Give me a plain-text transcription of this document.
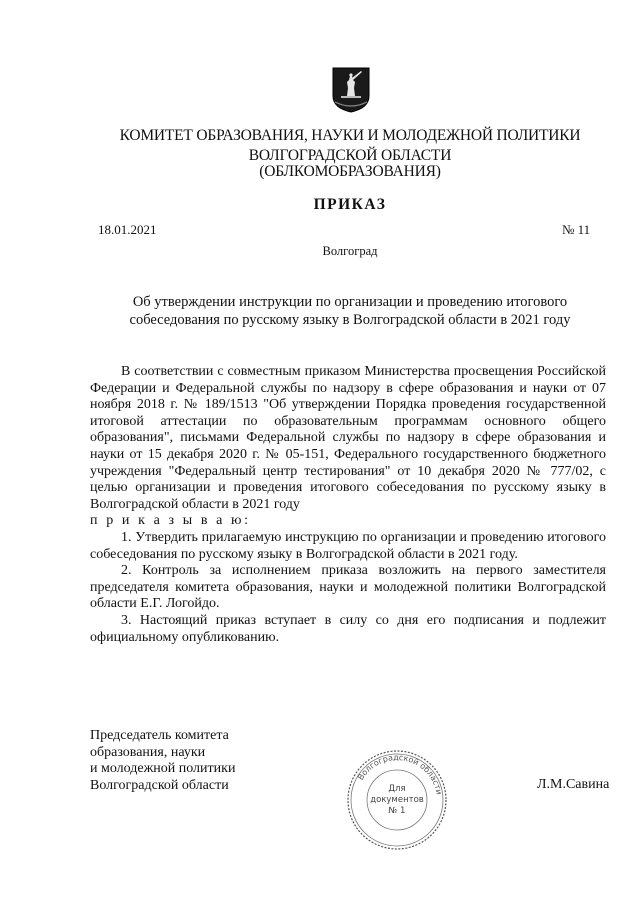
КОМИТЕТ ОБРАЗОВАНИЯ, НАУКИ И МОЛОДЕЖНОЙ ПОЛИТИКИ
ВОЛГОГРАДСКОЙ ОБЛАСТИ
(ОБЛКОМОБРАЗОВАНИЯ)
ПРИКАЗ
18.01.2021	№ 11
Волгоград
Об утверждении инструкции по организации и проведению итогового собеседования по русскому языку в Волгоградской области в 2021 году

В соответствии с совместным приказом Министерства просвещения Российской Федерации и Федеральной службы по надзору в сфере образования и науки от 07 ноября 2018 г. № 189/1513 "Об утверждении Порядка проведения государственной итоговой аттестации по образовательным программам основного общего образования", письмами Федеральной службы по надзору в сфере образования и науки от 15 декабря 2020 г. № 05-151, Федерального государственного бюджетного учреждения "Федеральный центр тестирования" от 10 декабря 2020 № 777/02, с целью организации и проведения итогового собеседования по русскому языку в Волгоградской области в 2021 году

п р и к а з ы в а ю:

1. Утвердить прилагаемую инструкцию по организации и проведению итогового собеседования по русскому языку в Волгоградской области в 2021 году.

2. Контроль за исполнением приказа возложить на первого заместителя председателя комитета образования, науки и молодежной политики Волгоградской области Е.Г. Логойдо.

3. Настоящий приказ вступает в силу со дня его подписания и подлежит официальному опубликованию.

Председатель комитета
образования, науки
и молодежной политики
Волгоградской области	Л.М.Савина
Волгоградской области
Для
документов
№ 1
